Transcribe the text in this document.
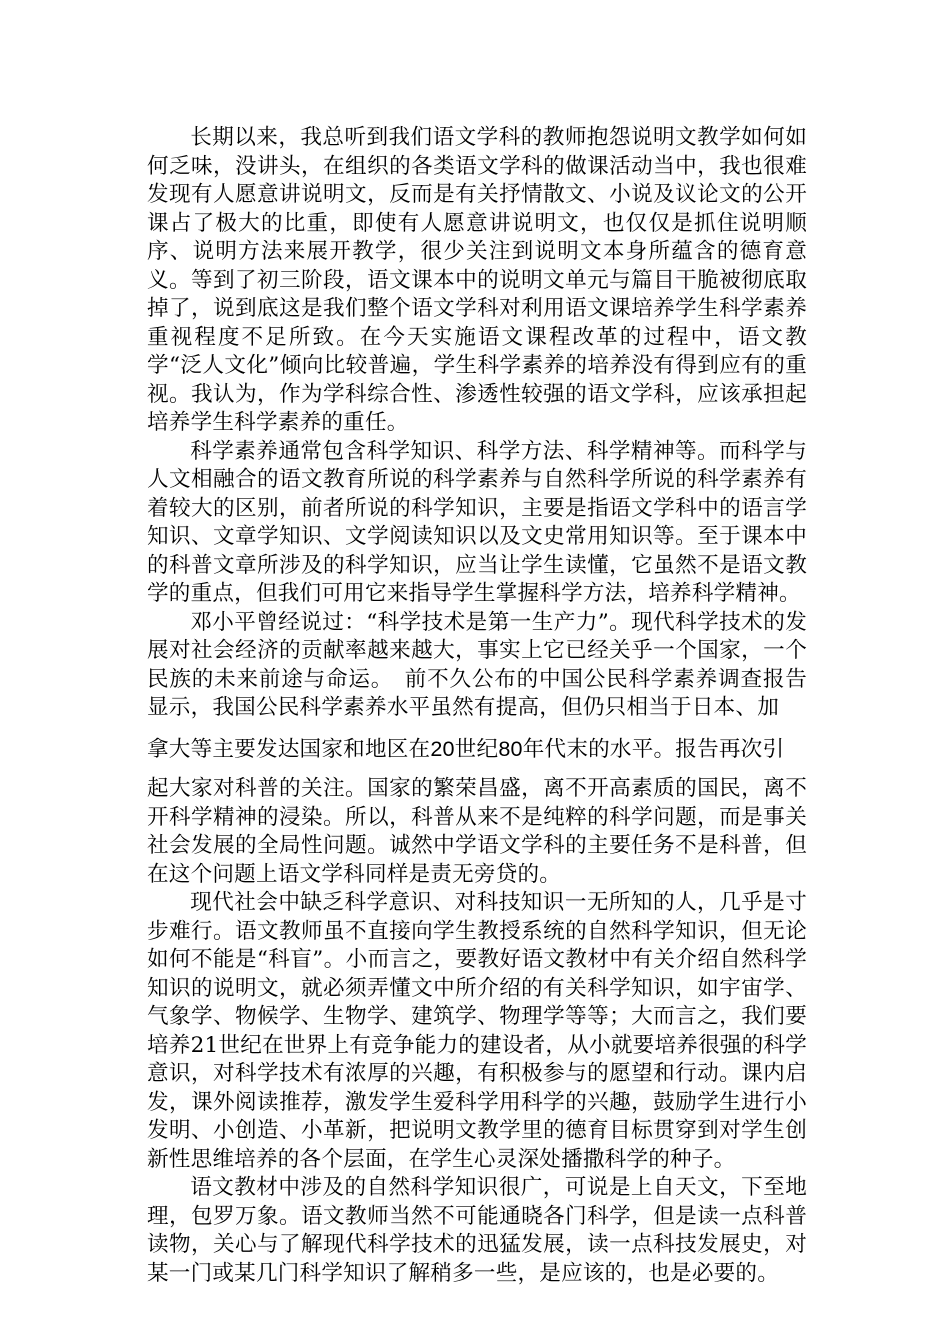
长期以来，我总听到我们语文学科的教师抱怨说明文教学如何如何乏味，没讲头，在组织的各类语文学科的做课活动当中，我也很难发现有人愿意讲说明文，反而是有关抒情散文、小说及议论文的公开课占了极大的比重，即使有人愿意讲说明文，也仅仅是抓住说明顺序、说明方法来展开教学，很少关注到说明文本身所蕴含的德育意义。等到了初三阶段，语文课本中的说明文单元与篇目干脆被彻底取掉了，说到底这是我们整个语文学科对利用语文课培养学生科学素养重视程度不足所致。在今天实施语文课程改革的过程中，语文教学“泛人文化”倾向比较普遍，学生科学素养的培养没有得到应有的重视。我认为，作为学科综合性、渗透性较强的语文学科，应该承担起培养学生科学素养的重任。

科学素养通常包含科学知识、科学方法、科学精神等。而科学与人文相融合的语文教育所说的科学素养与自然科学所说的科学素养有着较大的区别，前者所说的科学知识，主要是指语文学科中的语言学知识、文章学知识、文学阅读知识以及文史常用知识等。至于课本中的科普文章所涉及的科学知识，应当让学生读懂，它虽然不是语文教学的重点，但我们可用它来指导学生掌握科学方法，培养科学精神。

邓小平曾经说过：“科学技术是第一生产力”。现代科学技术的发展对社会经济的贡献率越来越大，事实上它已经关乎一个国家，一个民族的未来前途与命运。　前不久公布的中国公民科学素养调查报告显示，我国公民科学素养水平虽然有提高，但仍只相当于日本、加
拿大等主要发达国家和地区在20世纪80年代末的水平。报告再次引
起大家对科普的关注。国家的繁荣昌盛，离不开高素质的国民，离不开科学精神的浸染。所以，科普从来不是纯粹的科学问题，而是事关社会发展的全局性问题。诚然中学语文学科的主要任务不是科普，但在这个问题上语文学科同样是责无旁贷的。

现代社会中缺乏科学意识、对科技知识一无所知的人，几乎是寸步难行。语文教师虽不直接向学生教授系统的自然科学知识，但无论如何不能是“科盲”。小而言之，要教好语文教材中有关介绍自然科学知识的说明文，就必须弄懂文中所介绍的有关科学知识，如宇宙学、气象学、物候学、生物学、建筑学、物理学等等；大而言之，我们要培养21世纪在世界上有竞争能力的建设者，从小就要培养很强的科学意识，对科学技术有浓厚的兴趣，有积极参与的愿望和行动。课内启发，课外阅读推荐，激发学生爱科学用科学的兴趣，鼓励学生进行小发明、小创造、小革新，把说明文教学里的德育目标贯穿到对学生创新性思维培养的各个层面，在学生心灵深处播撒科学的种子。

语文教材中涉及的自然科学知识很广，可说是上自天文，下至地理，包罗万象。语文教师当然不可能通晓各门科学，但是读一点科普读物，关心与了解现代科学技术的迅猛发展，读一点科技发展史，对某一门或某几门科学知识了解稍多一些，是应该的，也是必要的。
